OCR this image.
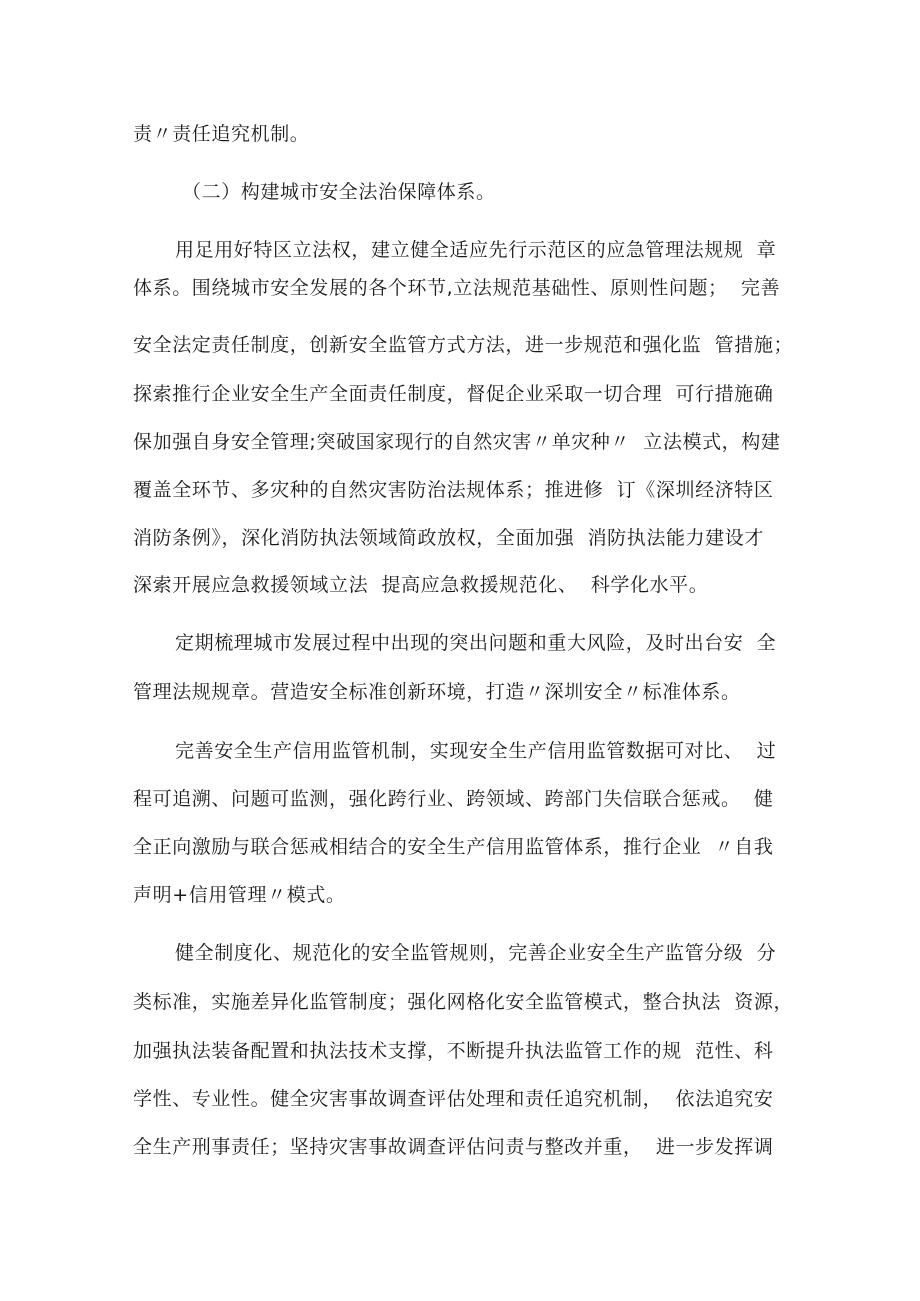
责〃责任追究机制。
（二）构建城市安全法治保障体系。
用足用好特区立法权，建立健全适应先行示范区的应急管理法规规  章
体系。围绕城市安全发展的各个环节,立法规范基础性、原则性问题；  完善
安全法定责任制度，创新安全监管方式方法，进一步规范和强化监  管措施；
探索推行企业安全生产全面责任制度，督促企业采取一切合理  可行措施确
保加强自身安全管理;突破国家现行的自然灾害〃单灾种〃  立法模式，构建
覆盖全环节、多灾种的自然灾害防治法规体系；推进修  订《深圳经济特区
消防条例》，深化消防执法领域简政放权，全面加强  消防执法能力建设才
深索开展应急救援领域立法  提高应急救援规范化、  科学化水平。
定期梳理城市发展过程中出现的突出问题和重大风险，及时出台安  全
管理法规规章。营造安全标准创新环境，打造〃深圳安全〃标准体系。
完善安全生产信用监管机制，实现安全生产信用监管数据可对比、  过
程可追溯、问题可监测，强化跨行业、跨领域、跨部门失信联合惩戒。  健
全正向激励与联合惩戒相结合的安全生产信用监管体系，推行企业  〃自我
声明+信用管理〃模式。
健全制度化、规范化的安全监管规则，完善企业安全生产监管分级  分
类标准，实施差异化监管制度；强化网格化安全监管模式，整合执法  资源，
加强执法装备配置和执法技术支撑，不断提升执法监管工作的规  范性、科
学性、专业性。健全灾害事故调查评估处理和责任追究机制，  依法追究安
全生产刑事责任；坚持灾害事故调查评估问责与整改并重，  进一步发挥调
